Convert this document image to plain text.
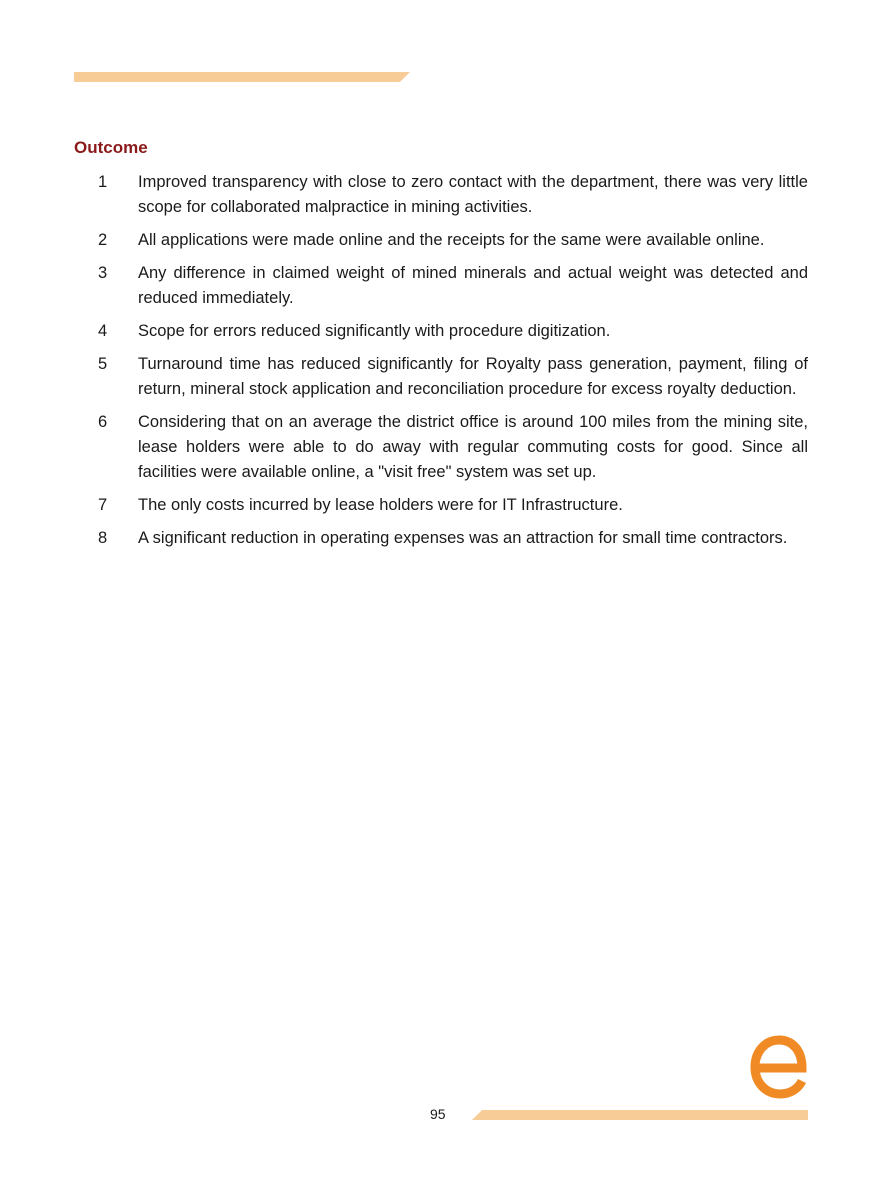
Outcome
1 Improved transparency with close to zero contact with the department, there was very little scope for collaborated malpractice in mining activities.
2 All applications were made online and the receipts for the same were available online.
3 Any difference in claimed weight of mined minerals and actual weight was detected and reduced immediately.
4 Scope for errors reduced significantly with procedure digitization.
5 Turnaround time has reduced significantly for Royalty pass generation, payment, filing of return, mineral stock application and reconciliation procedure for excess royalty deduction.
6 Considering that on an average the district office is around 100 miles from the mining site, lease holders were able to do away with regular commuting costs for good. Since all facilities were available online, a "visit free" system was set up.
7 The only costs incurred by lease holders were for IT Infrastructure.
8 A significant reduction in operating expenses was an attraction for small time contractors.
95
